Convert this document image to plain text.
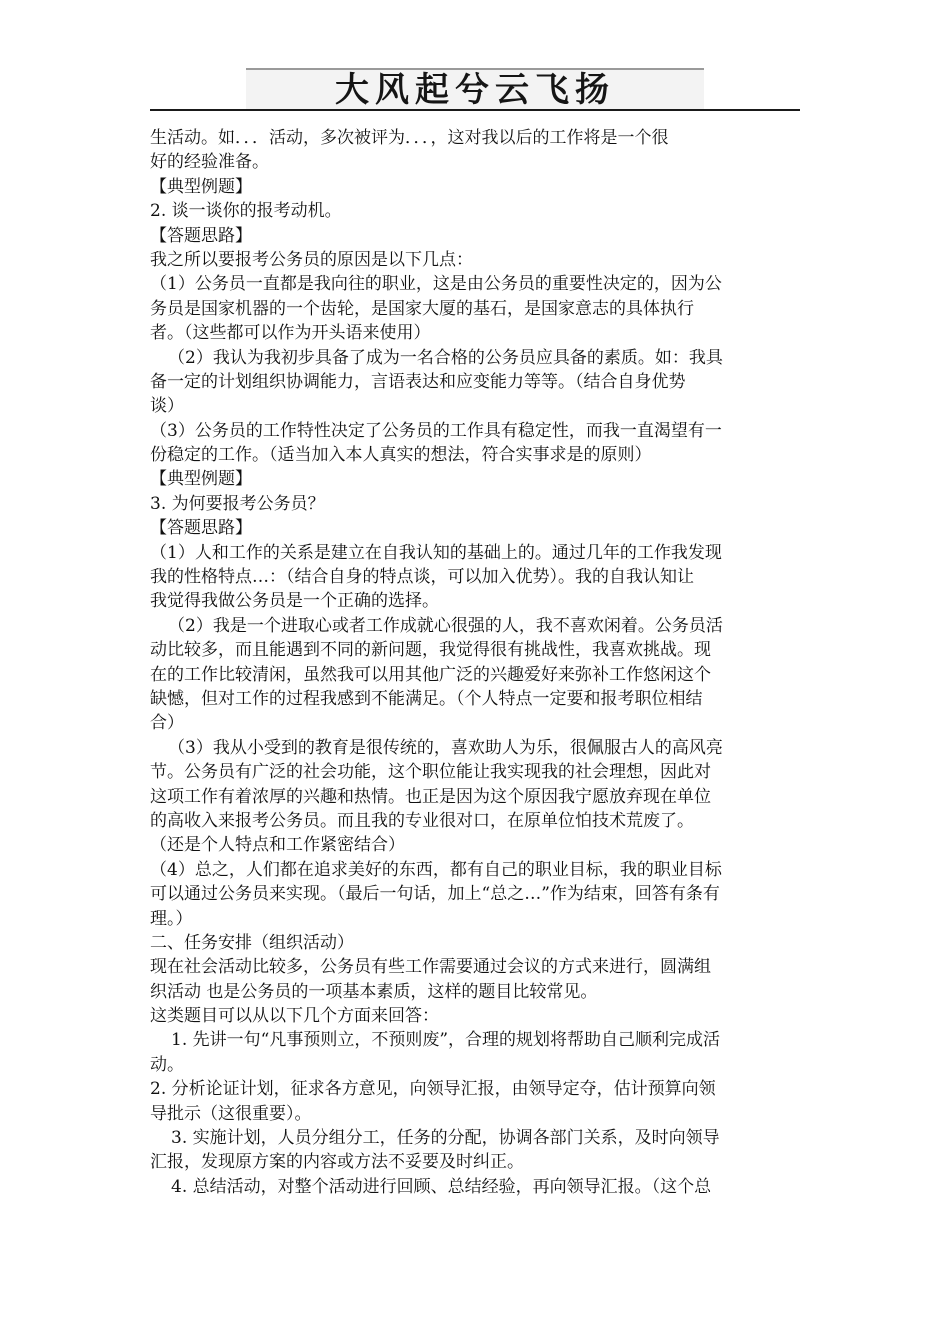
大风起兮云飞扬
生活动。如．．．活动，多次被评为．．．，这对我以后的工作将是一个很
好的经验准备。
【典型例题】
2. 谈一谈你的报考动机。
【答题思路】
我之所以要报考公务员的原因是以下几点：
（1）公务员一直都是我向往的职业，这是由公务员的重要性决定的，因为公
务员是国家机器的一个齿轮，是国家大厦的基石，是国家意志的具体执行
者。（这些都可以作为开头语来使用）
（2）我认为我初步具备了成为一名合格的公务员应具备的素质。如：我具
备一定的计划组织协调能力，言语表达和应变能力等等。（结合自身优势
谈）
（3）公务员的工作特性决定了公务员的工作具有稳定性，而我一直渴望有一
份稳定的工作。（适当加入本人真实的想法，符合实事求是的原则）
【典型例题】
3. 为何要报考公务员？
【答题思路】
（1）人和工作的关系是建立在自我认知的基础上的。通过几年的工作我发现
我的性格特点…：（结合自身的特点谈，可以加入优势）。我的自我认知让
我觉得我做公务员是一个正确的选择。
（2）我是一个进取心或者工作成就心很强的人，我不喜欢闲着。公务员活
动比较多，而且能遇到不同的新问题，我觉得很有挑战性，我喜欢挑战。现
在的工作比较清闲，虽然我可以用其他广泛的兴趣爱好来弥补工作悠闲这个
缺憾，但对工作的过程我感到不能满足。（个人特点一定要和报考职位相结
合）
（3）我从小受到的教育是很传统的，喜欢助人为乐，很佩服古人的高风亮
节。公务员有广泛的社会功能，这个职位能让我实现我的社会理想，因此对
这项工作有着浓厚的兴趣和热情。也正是因为这个原因我宁愿放弃现在单位
的高收入来报考公务员。而且我的专业很对口，在原单位怕技术荒废了。
（还是个人特点和工作紧密结合）
（4）总之，人们都在追求美好的东西，都有自己的职业目标，我的职业目标
可以通过公务员来实现。（最后一句话，加上“总之…”作为结束，回答有条有
理。）
二、任务安排（组织活动）
现在社会活动比较多，公务员有些工作需要通过会议的方式来进行，圆满组
织活动 也是公务员的一项基本素质，这样的题目比较常见。
这类题目可以从以下几个方面来回答：
1. 先讲一句“凡事预则立，不预则废”，合理的规划将帮助自己顺利完成活
动。
2. 分析论证计划，征求各方意见，向领导汇报，由领导定夺，估计预算向领
导批示（这很重要）。
3. 实施计划，人员分组分工，任务的分配，协调各部门关系，及时向领导
汇报，发现原方案的内容或方法不妥要及时纠正。
4. 总结活动，对整个活动进行回顾、总结经验，再向领导汇报。（这个总
